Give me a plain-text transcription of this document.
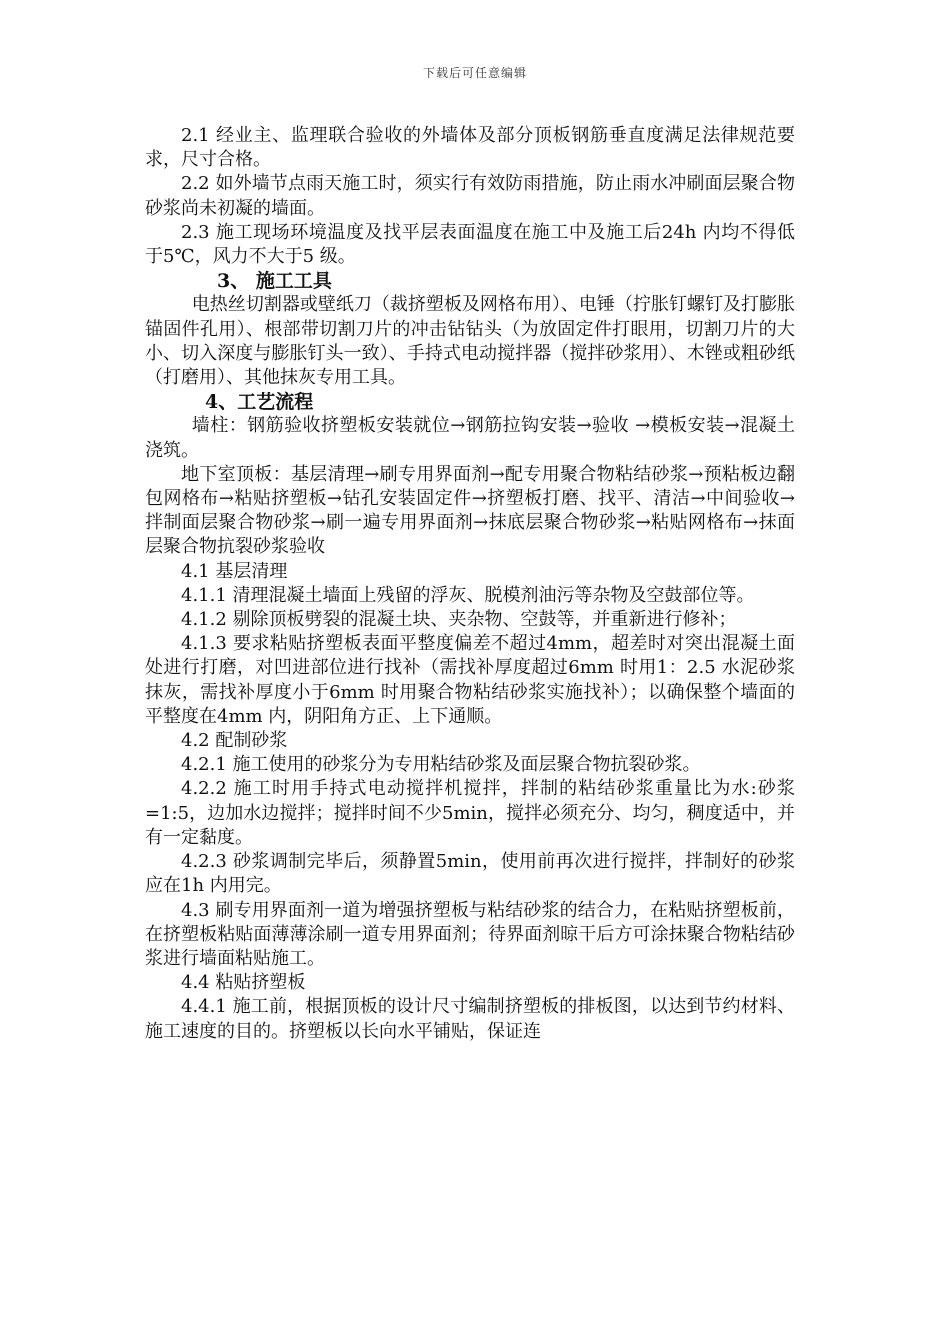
下载后可任意编辑

2.1 经业主、监理联合验收的外墙体及部分顶板钢筋垂直度满足法律规范要求，尺寸合格。

2.2 如外墙节点雨天施工时，须实行有效防雨措施，防止雨水冲刷面层聚合物砂浆尚未初凝的墙面。

2.3 施工现场环境温度及找平层表面温度在施工中及施工后24h 内均不得低于5℃，风力不大于5 级。

3、 施工工具

电热丝切割器或壁纸刀（裁挤塑板及网格布用）、电锤（拧胀钉螺钉及打膨胀锚固件孔用）、根部带切割刀片的冲击钻钻头（为放固定件打眼用，切割刀片的大小、切入深度与膨胀钉头一致）、手持式电动搅拌器（搅拌砂浆用）、木锉或粗砂纸（打磨用）、其他抹灰专用工具。

4、工艺流程

墙柱：钢筋验收挤塑板安装就位→钢筋拉钩安装→验收 →模板安装→混凝土浇筑。

地下室顶板：基层清理→刷专用界面剂→配专用聚合物粘结砂浆→预粘板边翻包网格布→粘贴挤塑板→钻孔安装固定件→挤塑板打磨、找平、清洁→中间验收→拌制面层聚合物砂浆→刷一遍专用界面剂→抹底层聚合物砂浆→粘贴网格布→抹面层聚合物抗裂砂浆验收

4.1 基层清理

4.1.1 清理混凝土墙面上残留的浮灰、脱模剂油污等杂物及空鼓部位等。

4.1.2 剔除顶板劈裂的混凝土块、夹杂物、空鼓等，并重新进行修补；

4.1.3 要求粘贴挤塑板表面平整度偏差不超过4mm，超差时对突出混凝土面处进行打磨，对凹进部位进行找补（需找补厚度超过6mm 时用1：2.5 水泥砂浆抹灰，需找补厚度小于6mm 时用聚合物粘结砂浆实施找补）；以确保整个墙面的平整度在4mm 内，阴阳角方正、上下通顺。

4.2 配制砂浆

4.2.1 施工使用的砂浆分为专用粘结砂浆及面层聚合物抗裂砂浆。

4.2.2 施工时用手持式电动搅拌机搅拌，拌制的粘结砂浆重量比为水:砂浆=1:5，边加水边搅拌；搅拌时间不少5min，搅拌必须充分、均匀，稠度适中，并有一定黏度。

4.2.3 砂浆调制完毕后，须静置5min，使用前再次进行搅拌，拌制好的砂浆应在1h 内用完。

4.3 刷专用界面剂一道为增强挤塑板与粘结砂浆的结合力，在粘贴挤塑板前，在挤塑板粘贴面薄薄涂刷一道专用界面剂；待界面剂晾干后方可涂抹聚合物粘结砂浆进行墙面粘贴施工。

4.4 粘贴挤塑板

4.4.1 施工前，根据顶板的设计尺寸编制挤塑板的排板图，以达到节约材料、施工速度的目的。挤塑板以长向水平铺贴，保证连
